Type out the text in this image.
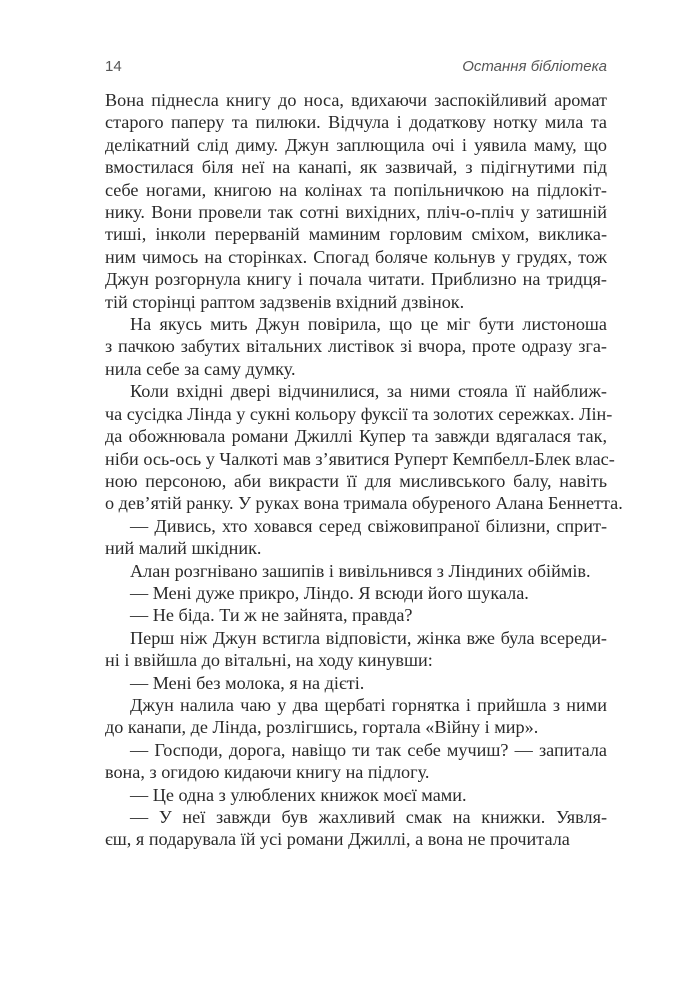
14	Остання бібліотека
Вона піднесла книгу до носа, вдихаючи заспокійливий аромат
старого паперу та пилюки. Відчула і додаткову нотку мила та
делікатний слід диму. Джун заплющила очі і уявила маму, що
вмостилася біля неї на канапі, як зазвичай, з підігнутими під
себе ногами, книгою на колінах та попільничкою на підлокіт-
нику. Вони провели так сотні вихідних, пліч-о-пліч у затишній
тиші, інколи перерваній маминим горловим сміхом, виклика-
ним чимось на сторінках. Спогад боляче кольнув у грудях, тож
Джун розгорнула книгу і почала читати. Приблизно на тридця-
тій сторінці раптом задзвенів вхідний дзвінок.
На якусь мить Джун повірила, що це міг бути листоноша
з пачкою забутих вітальних листівок зі вчора, проте одразу зга-
нила себе за саму думку.
Коли вхідні двері відчинилися, за ними стояла її найближ-
ча сусідка Лінда у сукні кольору фуксії та золотих сережках. Лін-
да обожнювала романи Джиллі Купер та завжди вдягалася так,
ніби ось-ось у Чалкоті мав з’явитися Руперт Кемпбелл-Блек влас-
ною персоною, аби викрасти її для мисливського балу, навіть
о дев’ятій ранку. У руках вона тримала обуреного Алана Беннетта.
— Дивись, хто ховався серед свіжовипраної білизни, сприт-
ний малий шкідник.
Алан розгнівано зашипів і вивільнився з Ліндиних обіймів.
— Мені дуже прикро, Ліндо. Я всюди його шукала.
— Не біда. Ти ж не зайнята, правда?
Перш ніж Джун встигла відповісти, жінка вже була всереди-
ні і ввійшла до вітальні, на ходу кинувши:
— Мені без молока, я на дієті.
Джун налила чаю у два щербаті горнятка і прийшла з ними
до канапи, де Лінда, розлігшись, гортала «Війну і мир».
— Господи, дорога, навіщо ти так себе мучиш? — запитала
вона, з огидою кидаючи книгу на підлогу.
— Це одна з улюблених книжок моєї мами.
— У неї завжди був жахливий смак на книжки. Уявля-
єш, я подарувала їй усі романи Джиллі, а вона не прочитала
